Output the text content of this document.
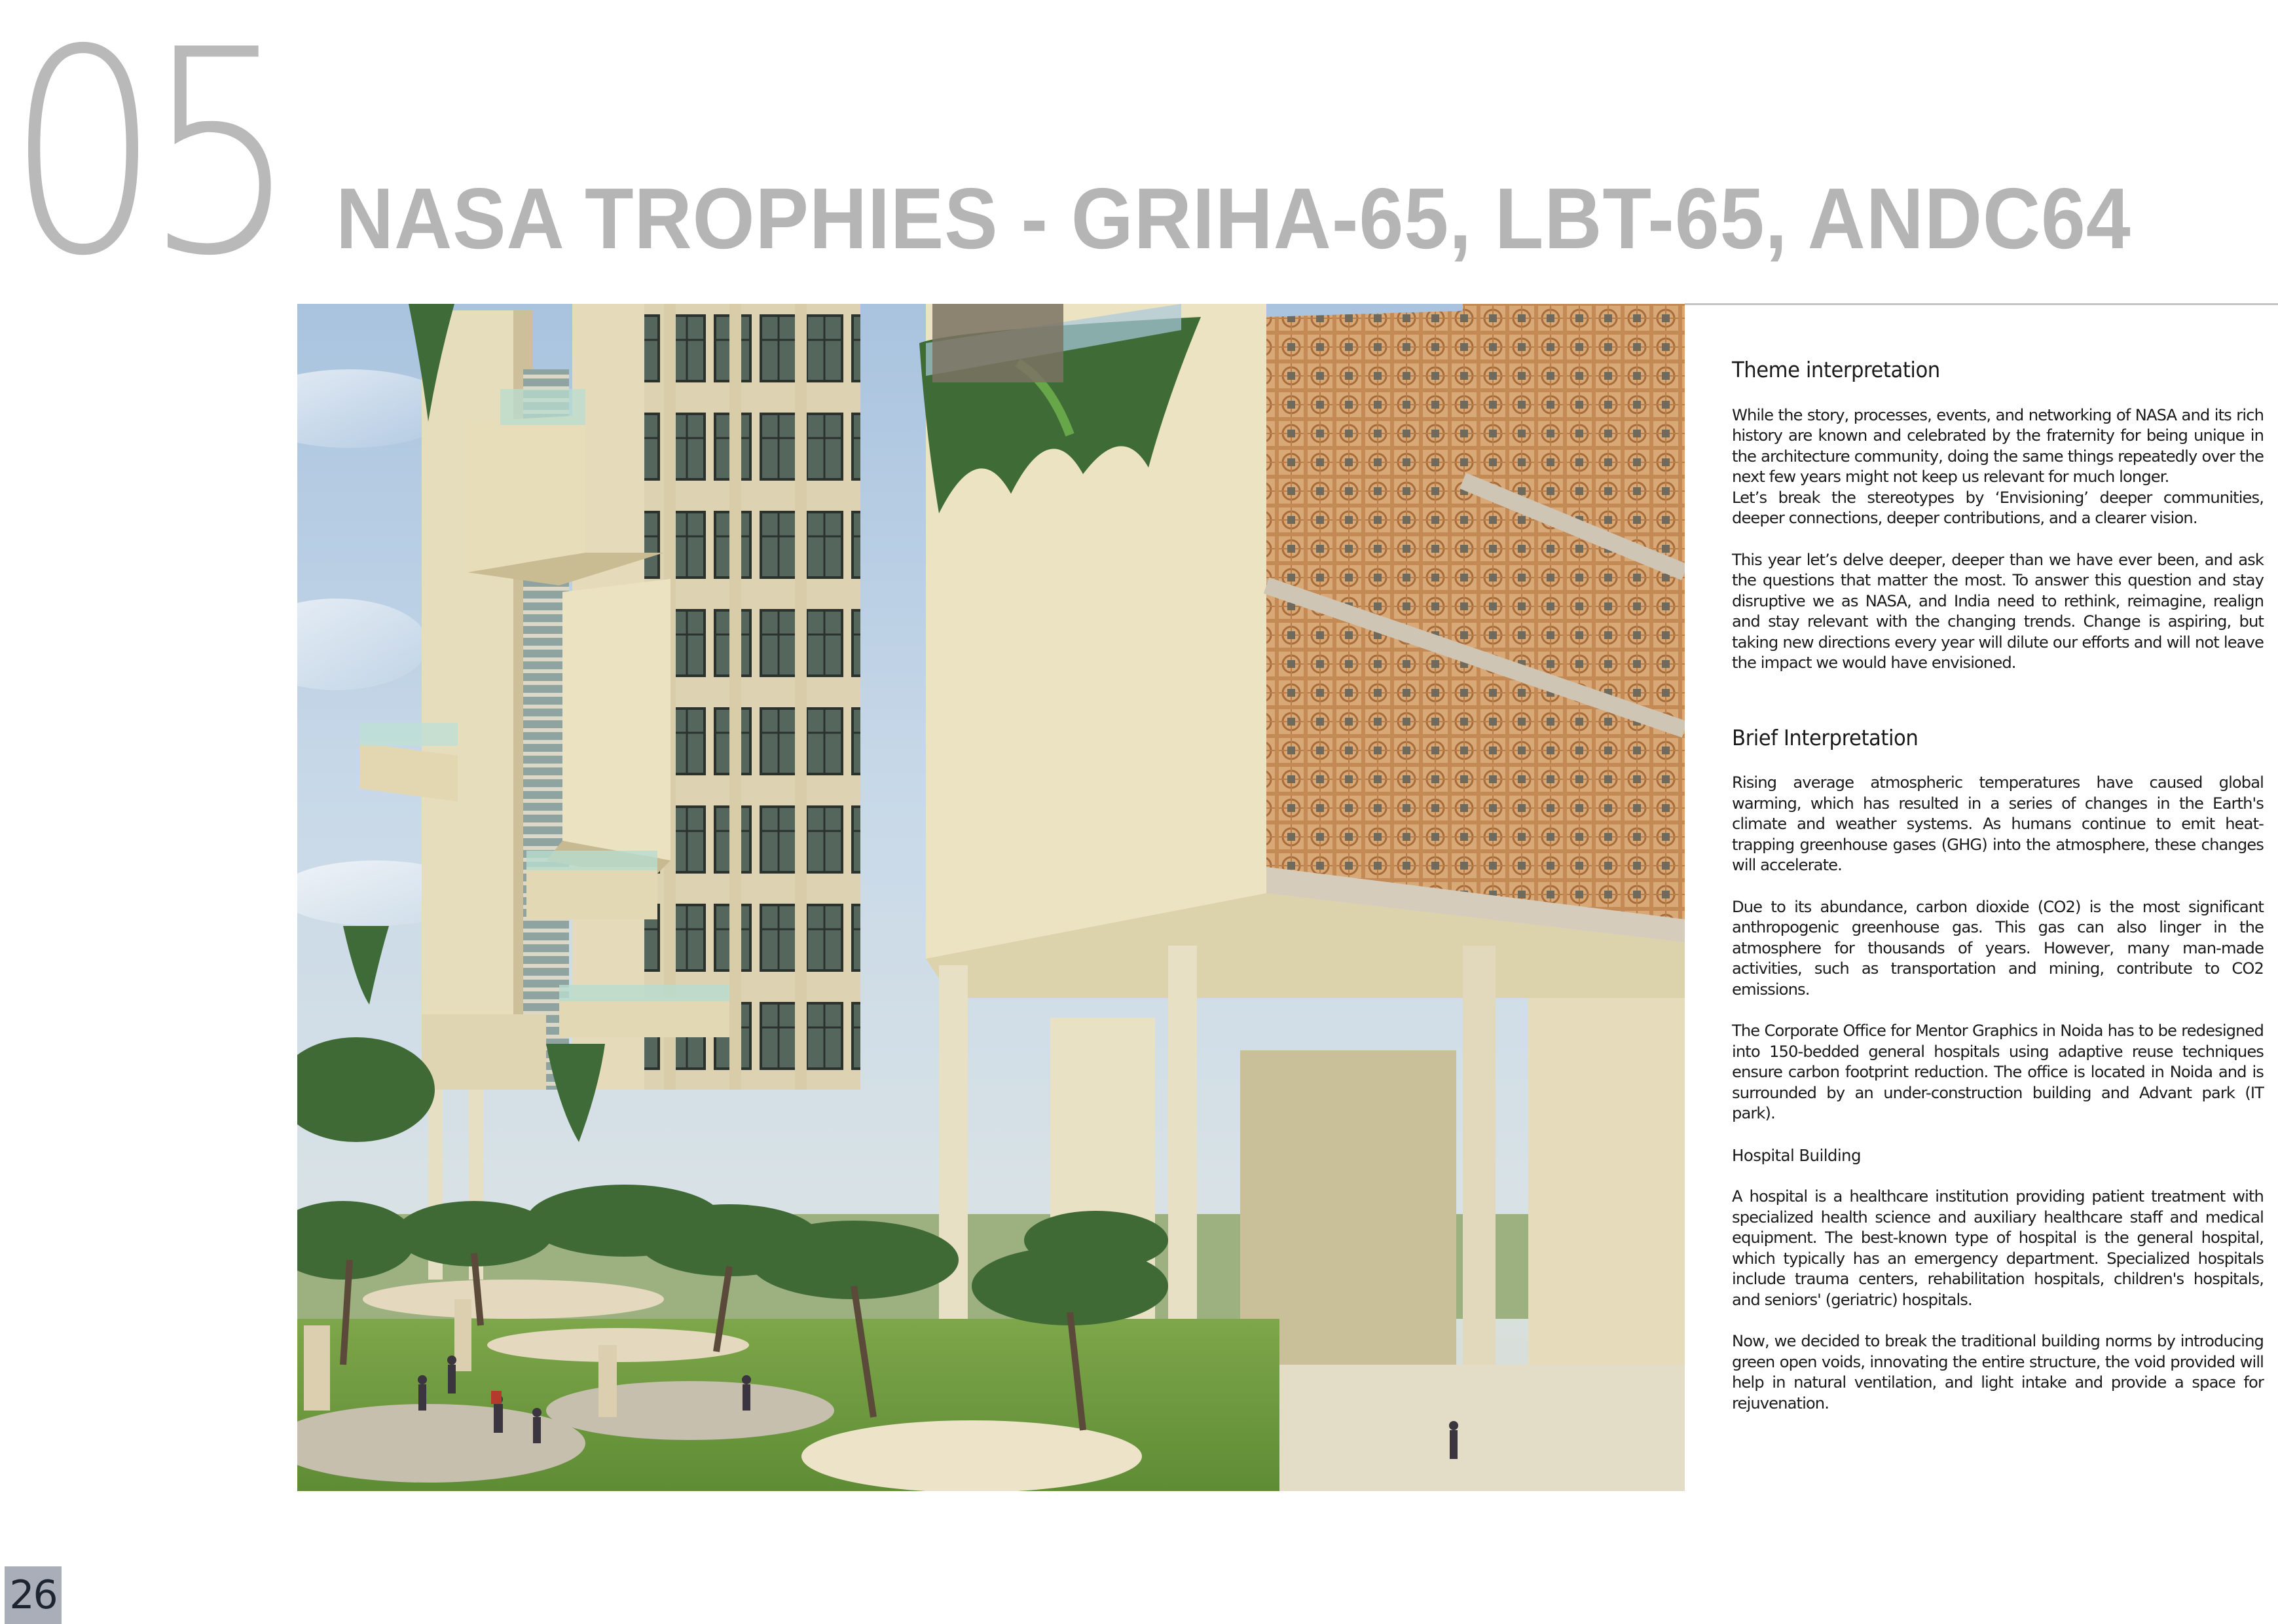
05 NASA TROPHIES - GRIHA-65, LBT-65, ANDC64
Theme interpretation

While the story, processes, events, and networking of NASA and its rich history are known and celebrated by the fraternity for being unique in the architecture community, doing the same things repeatedly over the next few years might not keep us relevant for much longer.

Let’s break the stereotypes by ‘Envisioning’ deeper communities, deeper connections, deeper contributions, and a clearer vision.

This year let’s delve deeper, deeper than we have ever been, and ask the questions that matter the most. To answer this question and stay disruptive we as NASA, and India need to rethink, reimagine, realign and stay relevant with the changing trends. Change is aspiring, but taking new directions every year will dilute our efforts and will not leave the impact we would have envisioned.

Brief Interpretation

Rising average atmospheric temperatures have caused global warming, which has resulted in a series of changes in the Earth's climate and weather systems. As humans continue to emit heat-trapping greenhouse gases (GHG) into the atmosphere, these changes will accelerate.

Due to its abundance, carbon dioxide (CO2) is the most significant anthropogenic greenhouse gas. This gas can also linger in the atmosphere for thousands of years. However, many man-made activities, such as transportation and mining, contribute to CO2 emissions.

The Corporate Office for Mentor Graphics in Noida has to be redesigned into 150-bedded general hospitals using adaptive reuse techniques ensure carbon footprint reduction. The office is located in Noida and is surrounded by an under-construction building and Advant park (IT park).

Hospital Building

A hospital is a healthcare institution providing patient treatment with specialized health science and auxiliary healthcare staff and medical equipment. The best-known type of hospital is the general hospital, which typically has an emergency department. Specialized hospitals include trauma centers, rehabilitation hospitals, children's hospitals, and seniors' (geriatric) hospitals.

Now, we decided to break the traditional building norms by introducing green open voids, innovating the entire structure, the void provided will help in natural ventilation, and light intake and provide a space for rejuvenation.

26
